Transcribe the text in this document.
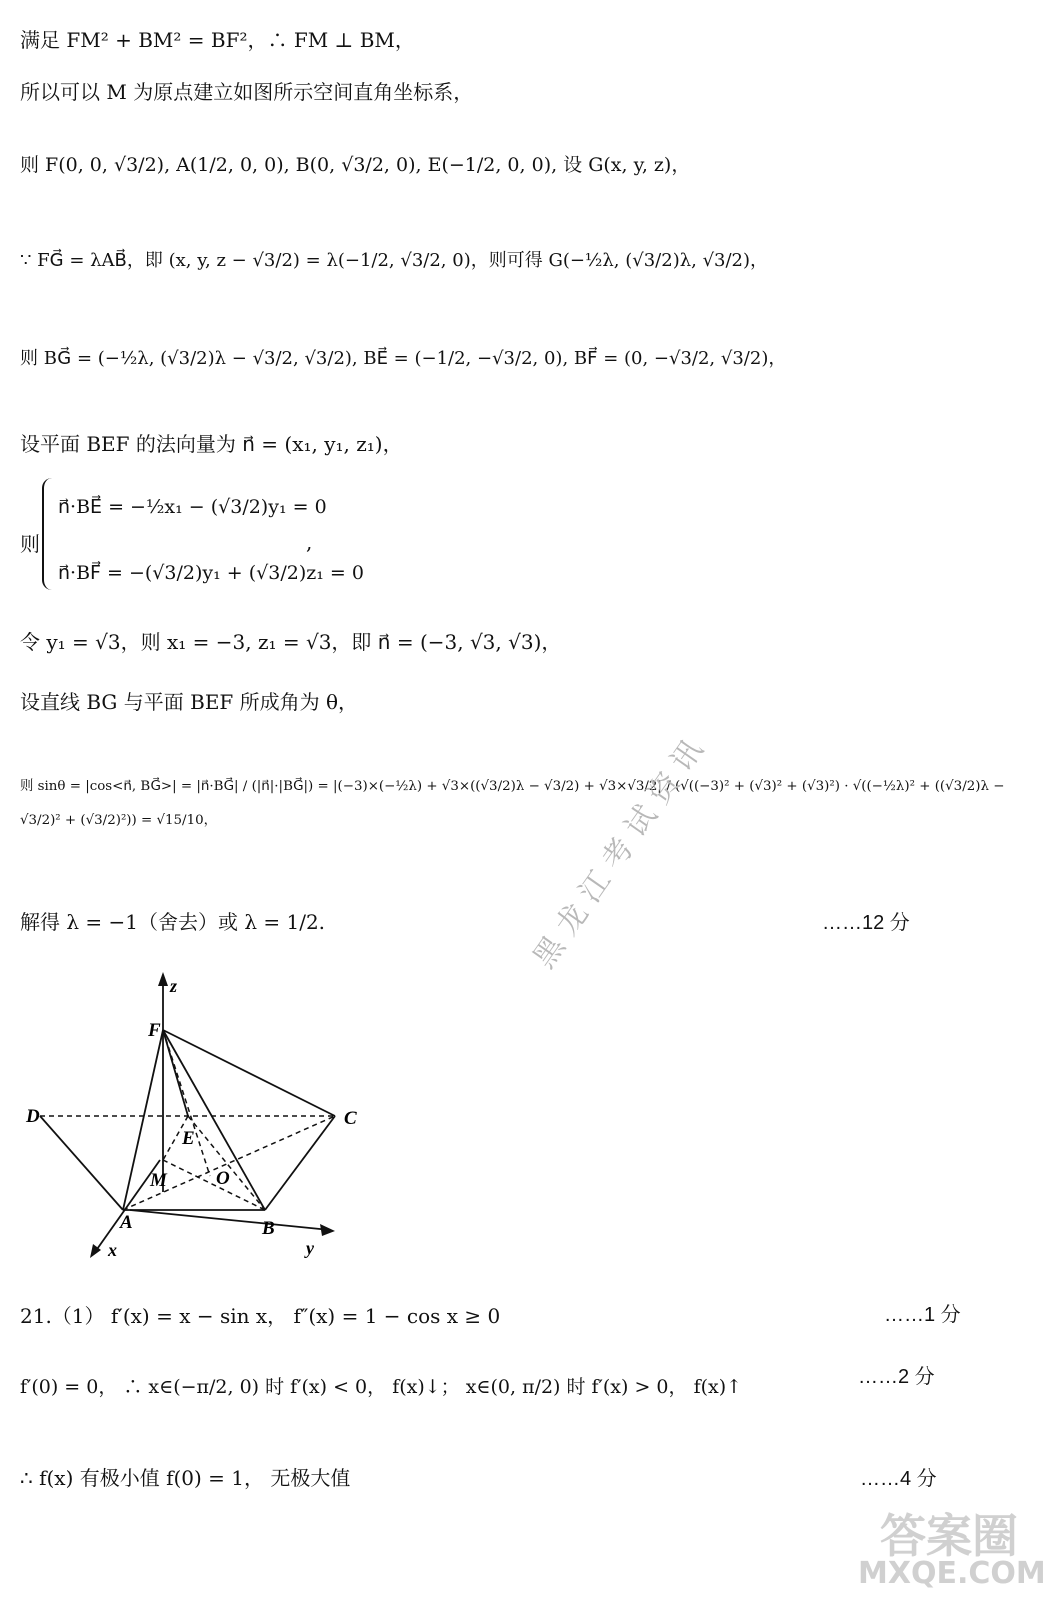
满足 FM² + BM² = BF²，∴ FM ⊥ BM，
所以可以 M 为原点建立如图所示空间直角坐标系，
则 F(0, 0, √3/2), A(1/2, 0, 0), B(0, √3/2, 0), E(−1/2, 0, 0), 设 G(x, y, z)，
∵ FG⃗ = λAB⃗，即 (x, y, z − √3/2) = λ(−1/2, √3/2, 0)，则可得 G(−½λ, (√3/2)λ, √3/2)，
则 BG⃗ = (−½λ, (√3/2)λ − √3/2, √3/2), BE⃗ = (−1/2, −√3/2, 0), BF⃗ = (0, −√3/2, √3/2)，
设平面 BEF 的法向量为 n⃗ = (x₁, y₁, z₁)，
则
n⃗·BE⃗ = −½x₁ − (√3/2)y₁ = 0
n⃗·BF⃗ = −(√3/2)y₁ + (√3/2)z₁ = 0
,
令 y₁ = √3，则 x₁ = −3, z₁ = √3，即 n⃗ = (−3, √3, √3)，
设直线 BG 与平面 BEF 所成角为 θ，
则 sinθ = |cos<n⃗, BG⃗>| = |n⃗·BG⃗| / (|n⃗|·|BG⃗|) = |(−3)×(−½λ) + √3×((√3/2)λ − √3/2) + √3×√3/2| / (√((−3)² + (√3)² + (√3)²) · √((−½λ)² + ((√3/2)λ − √3/2)² + (√3/2)²)) = √15/10，
解得 λ = −1（舍去）或 λ = 1/2.	……12 分
黑龙江考试资讯
z
F
D	C
E
M	O
A	B
x	y
21.（1） f′(x) = x − sin x， f″(x) = 1 − cos x ≥ 0	……1 分
f′(0) = 0， ∴ x∈(−π/2, 0) 时 f′(x) < 0， f(x)↓； x∈(0, π/2) 时 f′(x) > 0， f(x)↑	……2 分
∴ f(x) 有极小值 f(0) = 1， 无极大值	……4 分
答案圈
MXQE.COM
